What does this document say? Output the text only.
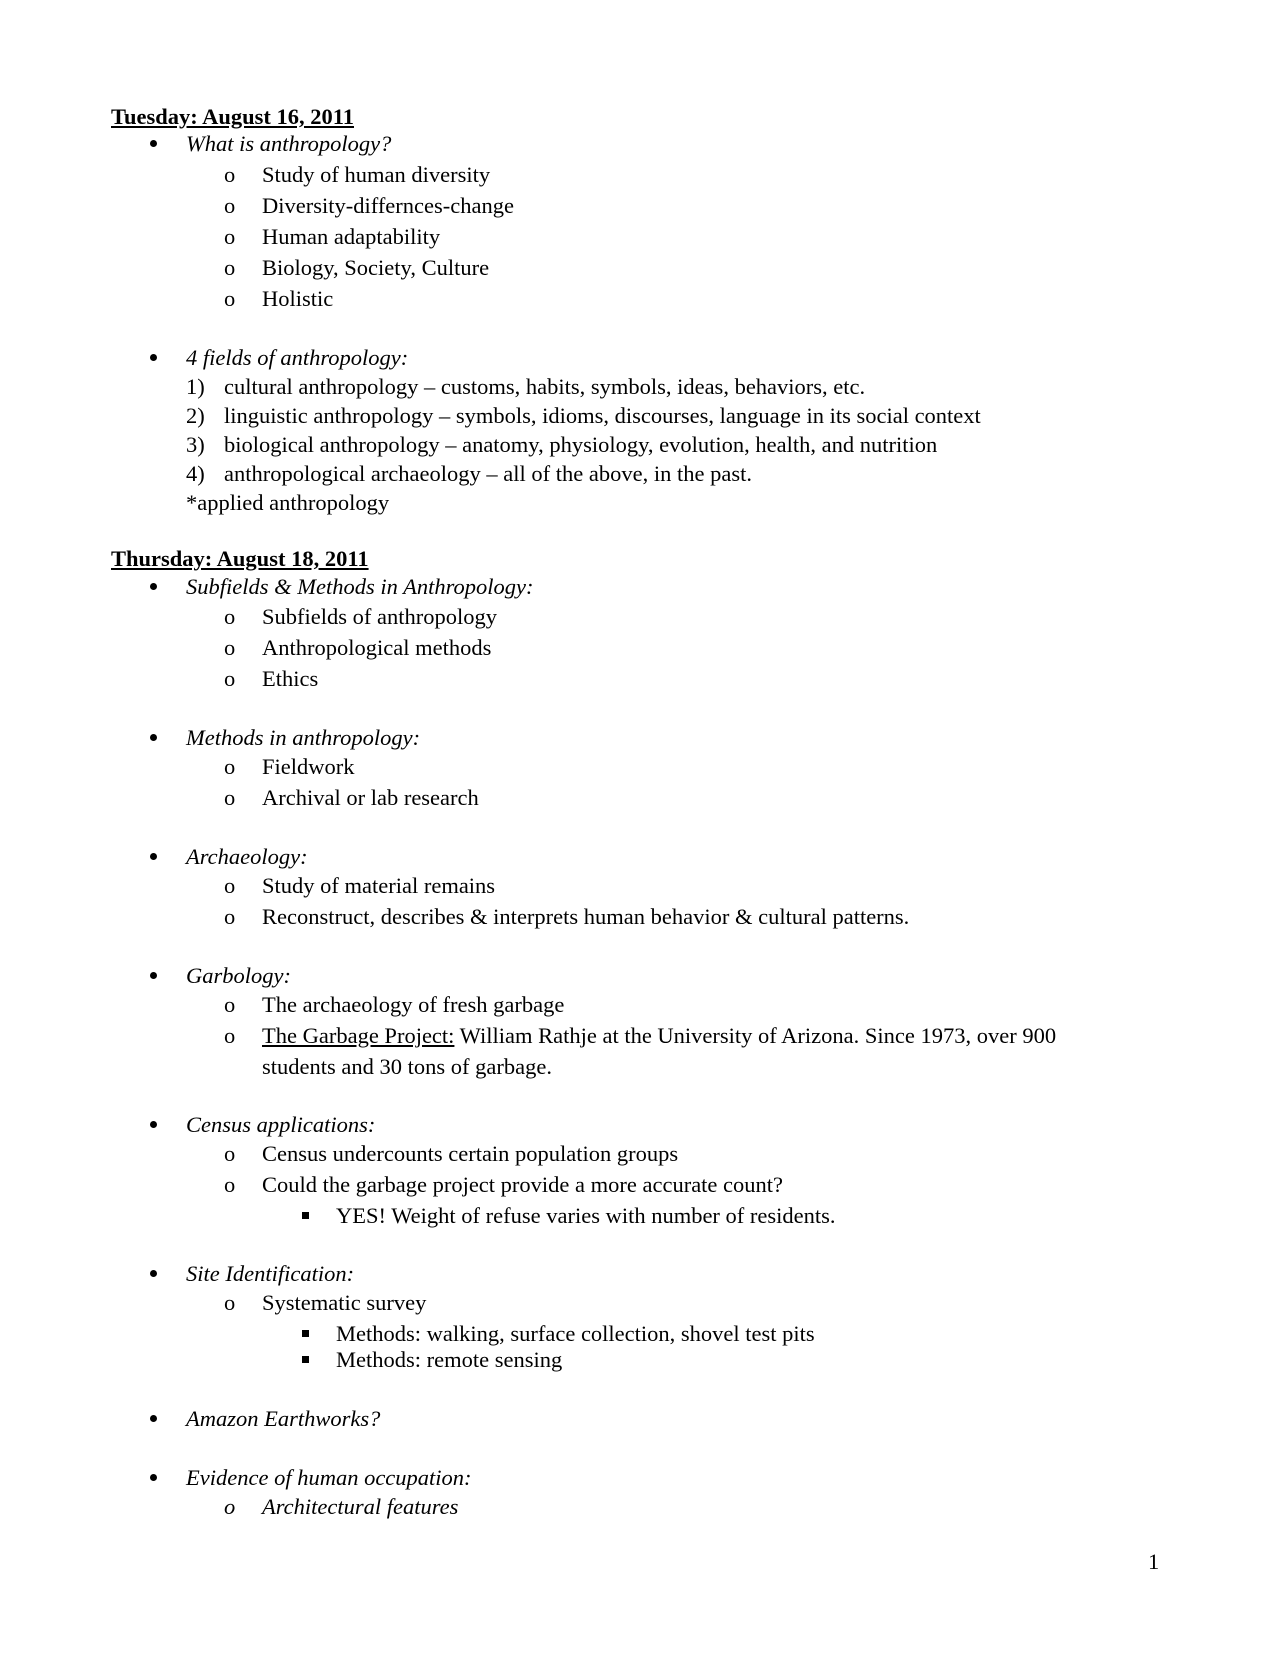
Tuesday: August 16, 2011
What is anthropology?
o Study of human diversity
o Diversity-differnces-change
o Human adaptability
o Biology, Society, Culture
o Holistic
4 fields of anthropology:
1) cultural anthropology – customs, habits, symbols, ideas, behaviors, etc.
2) linguistic anthropology – symbols, idioms, discourses, language in its social context
3) biological anthropology – anatomy, physiology, evolution, health, and nutrition
4) anthropological archaeology – all of the above, in the past.
*applied anthropology
Thursday: August 18, 2011
Subfields & Methods in Anthropology:
o Subfields of anthropology
o Anthropological methods
o Ethics
Methods in anthropology:
o Fieldwork
o Archival or lab research
Archaeology:
o Study of material remains
o Reconstruct, describes & interprets human behavior & cultural patterns.
Garbology:
o The archaeology of fresh garbage
o The Garbage Project: William Rathje at the University of Arizona. Since 1973, over 900
students and 30 tons of garbage.
Census applications:
o Census undercounts certain population groups
o Could the garbage project provide a more accurate count?
YES! Weight of refuse varies with number of residents.
Site Identification:
o Systematic survey
Methods: walking, surface collection, shovel test pits
Methods: remote sensing
Amazon Earthworks?
Evidence of human occupation:
o Architectural features
1
